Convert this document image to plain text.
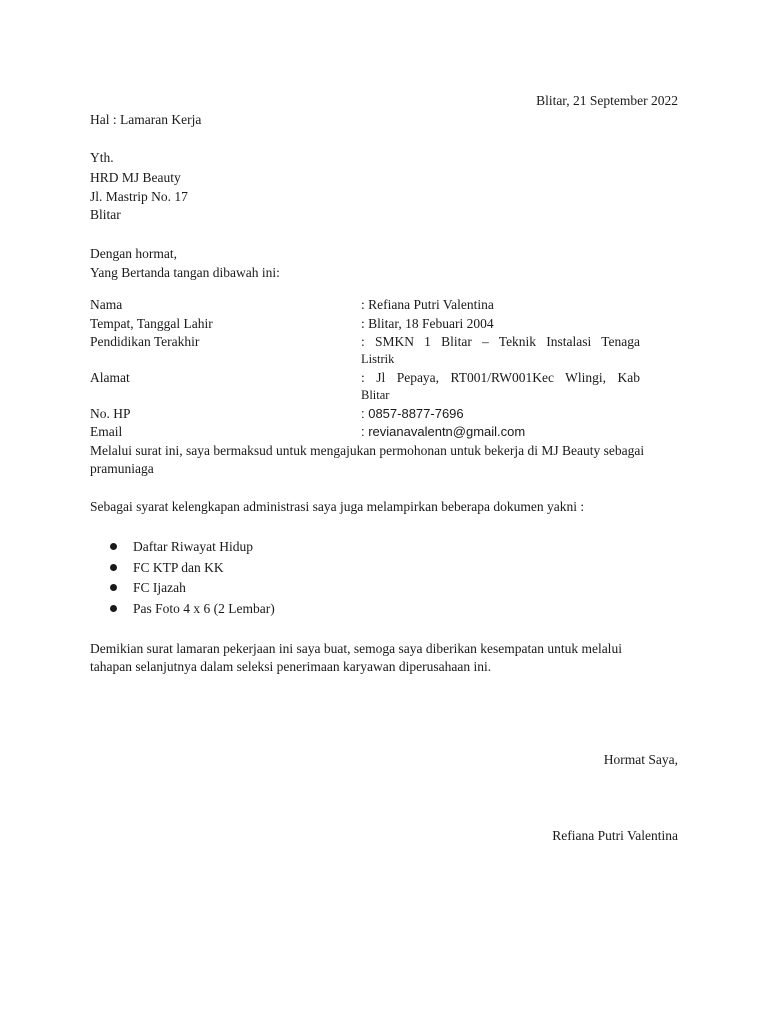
Blitar, 21 September 2022
Hal : Lamaran Kerja
Yth.
HRD MJ Beauty
Jl. Mastrip No. 17
Blitar
Dengan hormat,
Yang Bertanda tangan dibawah ini:
Nama	: Refiana Putri Valentina
Tempat, Tanggal Lahir	: Blitar, 18 Febuari 2004
Pendidikan Terakhir	: SMKN 1 Blitar – Teknik Instalasi Tenaga
Listrik
Alamat	: Jl Pepaya, RT001/RW001Kec Wlingi, Kab
Blitar
No. HP	: 0857-8877-7696
Email	: revianavalentn@gmail.com
Melalui surat ini, saya bermaksud untuk mengajukan permohonan untuk bekerja di MJ Beauty sebagai pramuniaga
Sebagai syarat kelengkapan administrasi saya juga melampirkan beberapa dokumen yakni :
Daftar Riwayat Hidup
FC KTP dan KK
FC Ijazah
Pas Foto 4 x 6 (2 Lembar)
Demikian surat lamaran pekerjaan ini saya buat, semoga saya diberikan kesempatan untuk melalui tahapan selanjutnya dalam seleksi penerimaan karyawan diperusahaan ini.
Hormat Saya,
Refiana Putri Valentina
